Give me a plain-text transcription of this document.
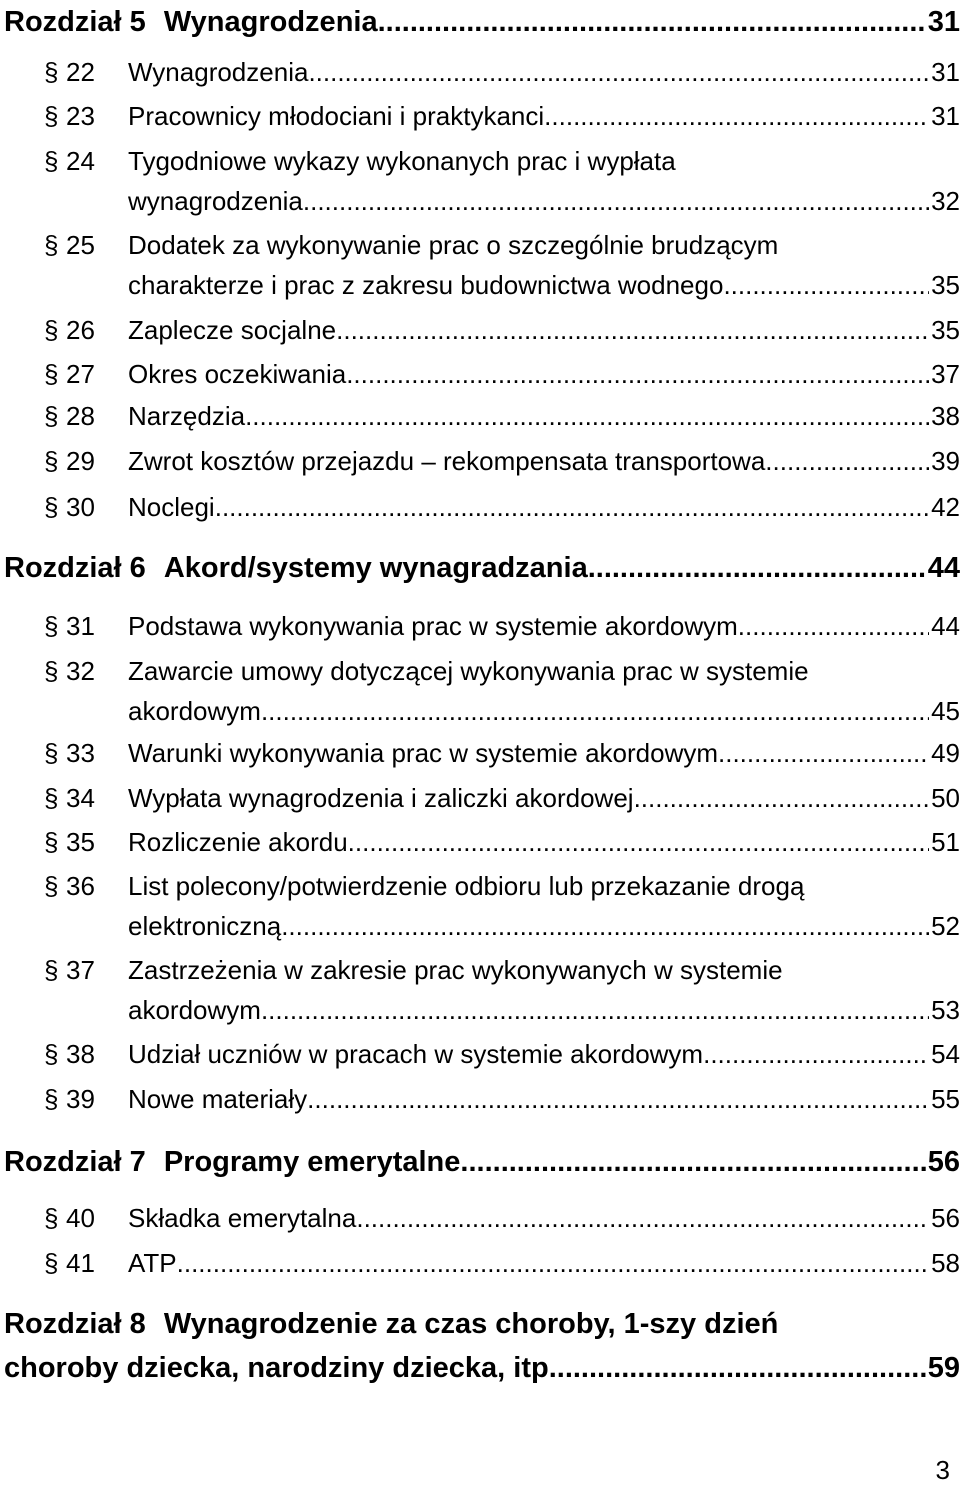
Rozdział 5 Wynagrodzenia .....	31
§ 22 Wynagrodzenia .....	31
§ 23 Pracownicy młodociani i praktykanci .....	31
§ 24 Tygodniowe wykazy wykonanych prac i wypłata
wynagrodzenia .....	32
§ 25 Dodatek za wykonywanie prac o szczególnie brudzącym
charakterze i prac z zakresu budownictwa wodnego .....	35
§ 26 Zaplecze socjalne .....	35
§ 27 Okres oczekiwania .....	37
§ 28 Narzędzia .....	38
§ 29 Zwrot kosztów przejazdu – rekompensata transportowa .....	39
§ 30 Noclegi .....	42
Rozdział 6 Akord/systemy wynagradzania .....	44
§ 31 Podstawa wykonywania prac w systemie akordowym .....	44
§ 32 Zawarcie umowy dotyczącej wykonywania prac w systemie
akordowym .....	45
§ 33 Warunki wykonywania prac w systemie akordowym .....	49
§ 34 Wypłata wynagrodzenia i zaliczki akordowej .....	50
§ 35 Rozliczenie akordu .....	51
§ 36 List polecony/potwierdzenie odbioru lub przekazanie drogą
elektroniczną .....	52
§ 37 Zastrzeżenia w zakresie prac wykonywanych w systemie
akordowym .....	53
§ 38 Udział uczniów w pracach w systemie akordowym .....	54
§ 39 Nowe materiały .....	55
Rozdział 7 Programy emerytalne .....	56
§ 40 Składka emerytalna .....	56
§ 41 ATP .....	58
Rozdział 8 Wynagrodzenie za czas choroby, 1-szy dzień
choroby dziecka, narodziny dziecka, itp. .....	59
3
